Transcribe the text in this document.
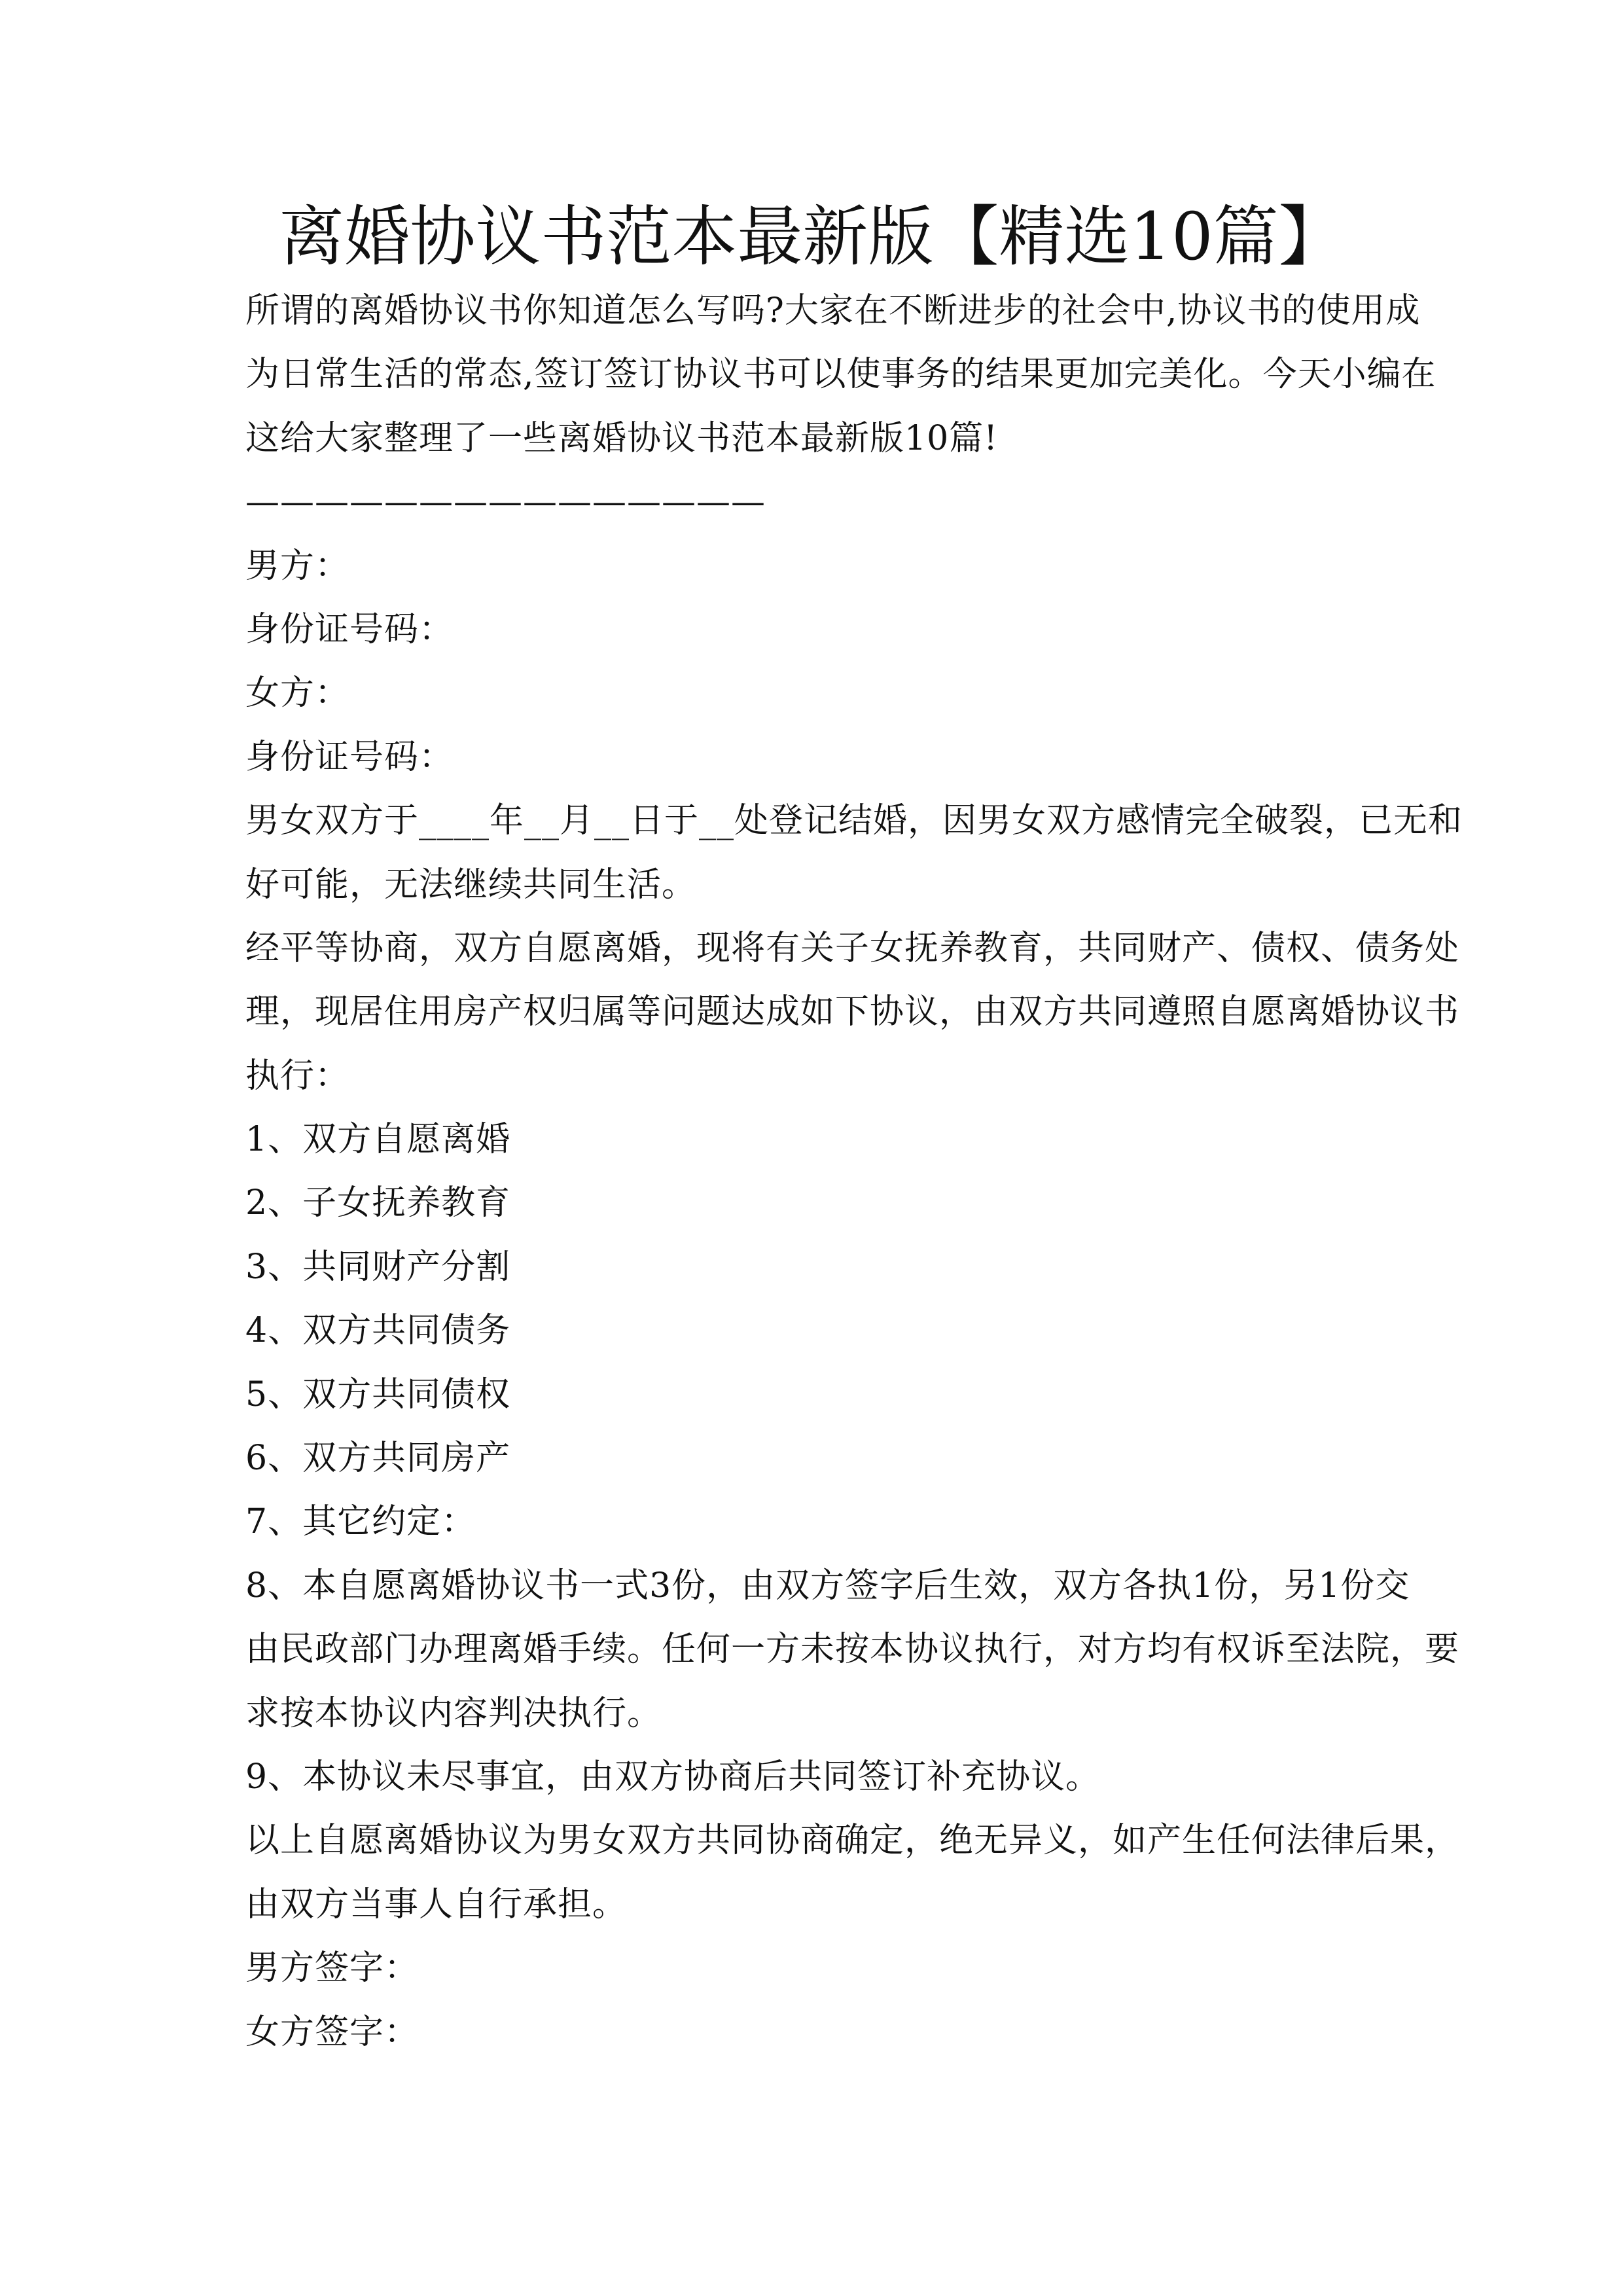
离婚协议书范本最新版【精选10篇】
所谓的离婚协议书你知道怎么写吗?大家在不断进步的社会中,协议书的使用成
为日常生活的常态,签订签订协议书可以使事务的结果更加完美化。今天小编在
这给大家整理了一些离婚协议书范本最新版10篇!
———————————————
男方：
身份证号码：
女方：
身份证号码：
男女双方于____年__月__日于__处登记结婚，因男女双方感情完全破裂，已无和
好可能，无法继续共同生活。
经平等协商，双方自愿离婚，现将有关子女抚养教育，共同财产、债权、债务处
理，现居住用房产权归属等问题达成如下协议，由双方共同遵照自愿离婚协议书
执行：
1、双方自愿离婚
2、子女抚养教育
3、共同财产分割
4、双方共同债务
5、双方共同债权
6、双方共同房产
7、其它约定：
8、本自愿离婚协议书一式3份，由双方签字后生效，双方各执1份，另1份交
由民政部门办理离婚手续。任何一方未按本协议执行，对方均有权诉至法院，要
求按本协议内容判决执行。
9、本协议未尽事宜，由双方协商后共同签订补充协议。
以上自愿离婚协议为男女双方共同协商确定，绝无异义，如产生任何法律后果，
由双方当事人自行承担。
男方签字：
女方签字：
